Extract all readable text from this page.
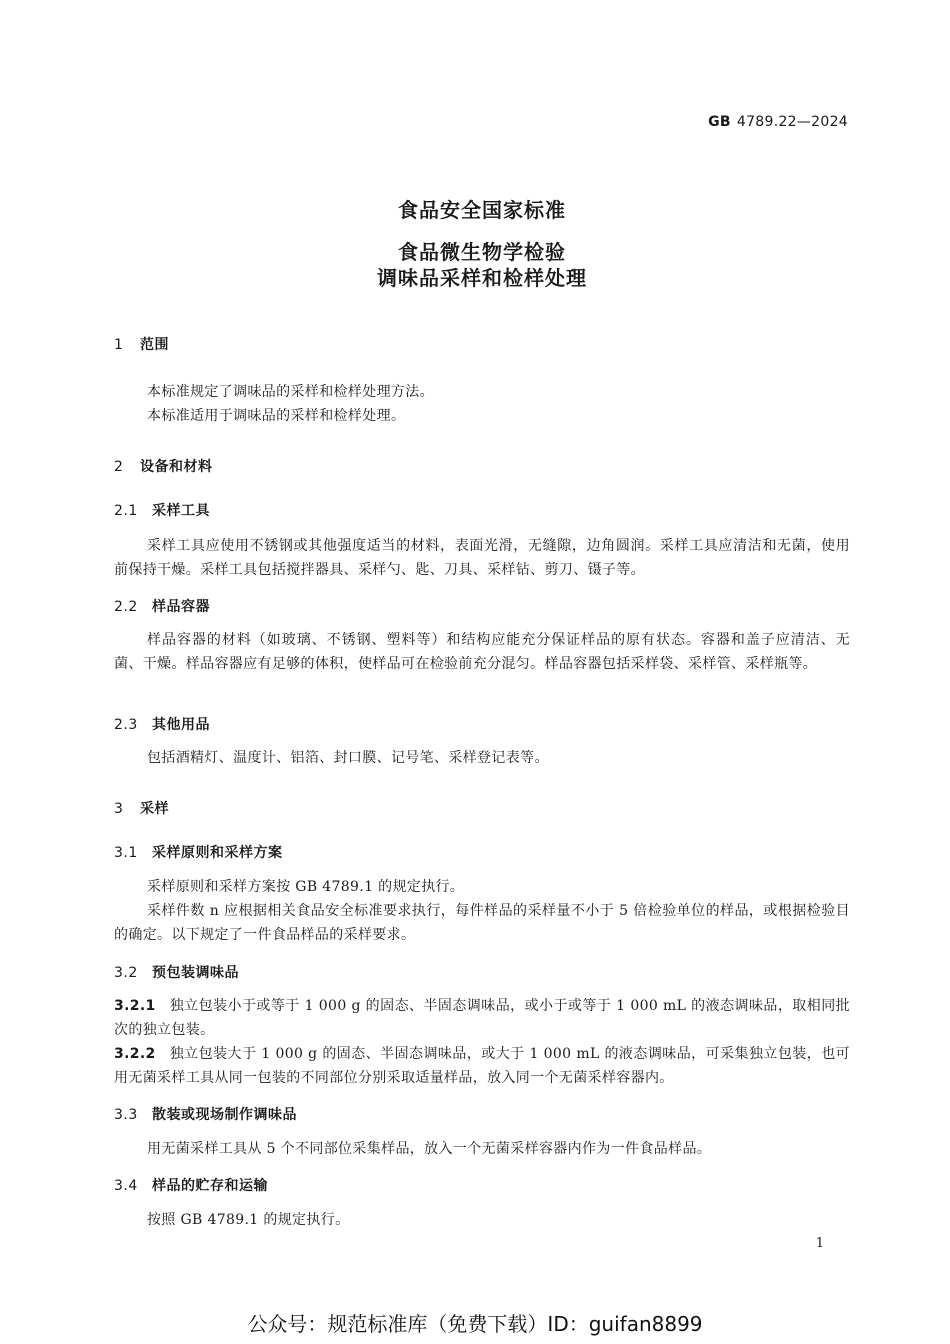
GB 4789.22—2024
食品安全国家标准
食品微生物学检验
调味品采样和检样处理
1 范围

本标准规定了调味品的采样和检样处理方法。

本标准适用于调味品的采样和检样处理。

2 设备和材料
2.1 采样工具

采样工具应使用不锈钢或其他强度适当的材料，表面光滑，无缝隙，边角圆润。采样工具应清洁和无菌，使用前保持干燥。采样工具包括搅拌器具、采样勺、匙、刀具、采样钻、剪刀、镊子等。

2.2 样品容器

样品容器的材料（如玻璃、不锈钢、塑料等）和结构应能充分保证样品的原有状态。容器和盖子应清洁、无菌、干燥。样品容器应有足够的体积，使样品可在检验前充分混匀。样品容器包括采样袋、采样管、采样瓶等。

2.3 其他用品

包括酒精灯、温度计、铝箔、封口膜、记号笔、采样登记表等。

3 采样
3.1 采样原则和采样方案

采样原则和采样方案按 GB 4789.1 的规定执行。

采样件数 n 应根据相关食品安全标准要求执行，每件样品的采样量不小于 5 倍检验单位的样品，或根据检验目的确定。以下规定了一件食品样品的采样要求。

3.2 预包装调味品

3.2.1 独立包装小于或等于 1 000 g 的固态、半固态调味品，或小于或等于 1 000 mL 的液态调味品，取相同批次的独立包装。

3.2.2 独立包装大于 1 000 g 的固态、半固态调味品，或大于 1 000 mL 的液态调味品，可采集独立包装，也可用无菌采样工具从同一包装的不同部位分别采取适量样品，放入同一个无菌采样容器内。

3.3 散装或现场制作调味品

用无菌采样工具从 5 个不同部位采集样品，放入一个无菌采样容器内作为一件食品样品。

3.4 样品的贮存和运输

按照 GB 4789.1 的规定执行。

1
公众号：规范标准库（免费下载）ID：guifan8899
